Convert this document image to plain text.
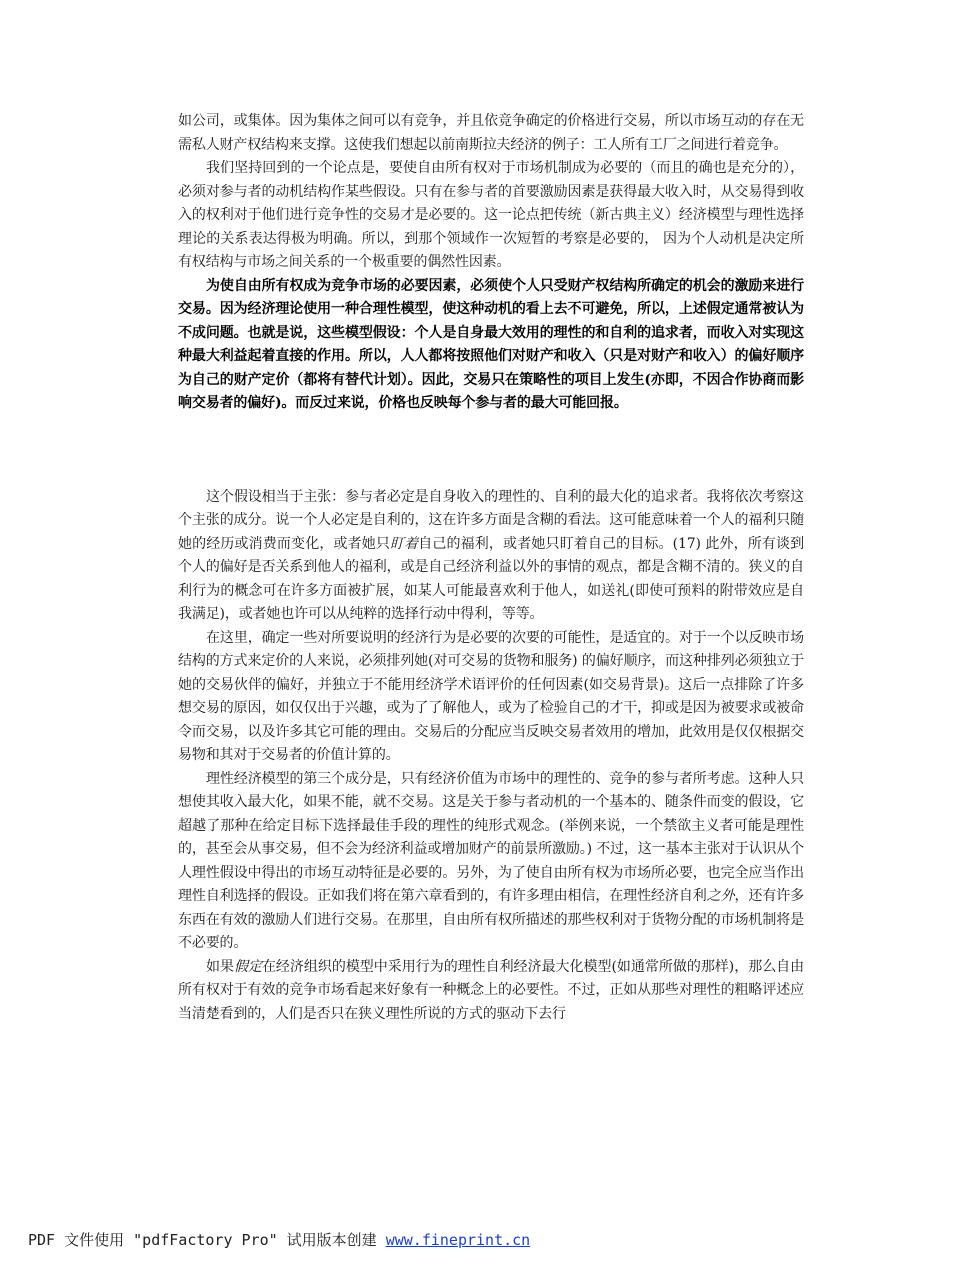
如公司，或集体。因为集体之间可以有竞争，并且依竞争确定的价格进行交易，所以市场互动的存在无需私人财产权结构来支撑。这使我们想起以前南斯拉夫经济的例子：工人所有工厂之间进行着竞争。

我们坚持回到的一个论点是，要使自由所有权对于市场机制成为必要的（而且的确也是充分的），必须对参与者的动机结构作某些假设。只有在参与者的首要激励因素是获得最大收入时，从交易得到收入的权利对于他们进行竞争性的交易才是必要的。这一论点把传统（新古典主义）经济模型与理性选择理论的关系表达得极为明确。所以，到那个领域作一次短暂的考察是必要的， 因为个人动机是决定所有权结构与市场之间关系的一个极重要的偶然性因素。

为使自由所有权成为竞争市场的必要因素，必须使个人只受财产权结构所确定的机会的激励来进行交易。因为经济理论使用一种合理性模型，使这种动机的看上去不可避免，所以，上述假定通常被认为不成问题。也就是说，这些模型假设：个人是自身最大效用的理性的和自利的追求者，而收入对实现这种最大利益起着直接的作用。所以，人人都将按照他们对财产和收入（只是对财产和收入）的偏好顺序为自己的财产定价（都将有替代计划）。因此，交易只在策略性的项目上发生(亦即，不因合作协商而影响交易者的偏好)。而反过来说，价格也反映每个参与者的最大可能回报。

这个假设相当于主张：参与者必定是自身收入的理性的、自利的最大化的追求者。我将依次考察这个主张的成分。说一个人必定是自利的，这在许多方面是含糊的看法。这可能意味着一个人的福利只随她的经历或消费而变化，或者她只盯着自己的福利，或者她只盯着自己的目标。(17) 此外，所有谈到个人的偏好是否关系到他人的福利，或是自己经济利益以外的事情的观点，都是含糊不清的。狭义的自利行为的概念可在许多方面被扩展，如某人可能最喜欢利于他人，如送礼(即使可预料的附带效应是自我满足)，或者她也许可以从纯粹的选择行动中得利，等等。

在这里，确定一些对所要说明的经济行为是必要的次要的可能性，是适宜的。对于一个以反映市场结构的方式来定价的人来说，必须排列她(对可交易的货物和服务) 的偏好顺序，而这种排列必须独立于她的交易伙伴的偏好，并独立于不能用经济学术语评价的任何因素(如交易背景)。这后一点排除了许多想交易的原因，如仅仅出于兴趣，或为了了解他人，或为了检验自己的才干，抑或是因为被要求或被命令而交易，以及许多其它可能的理由。交易后的分配应当反映交易者效用的增加，此效用是仅仅根据交易物和其对于交易者的价值计算的。

理性经济模型的第三个成分是，只有经济价值为市场中的理性的、竞争的参与者所考虑。这种人只想使其收入最大化，如果不能，就不交易。这是关于参与者动机的一个基本的、随条件而变的假设，它超越了那种在给定目标下选择最佳手段的理性的纯形式观念。(举例来说，一个禁欲主义者可能是理性的，甚至会从事交易，但不会为经济利益或增加财产的前景所激励。) 不过，这一基本主张对于认识从个人理性假设中得出的市场互动特征是必要的。另外，为了使自由所有权为市场所必要，也完全应当作出理性自利选择的假设。正如我们将在第六章看到的，有许多理由相信，在理性经济自利之外，还有许多东西在有效的激励人们进行交易。在那里，自由所有权所描述的那些权利对于货物分配的市场机制将是不必要的。

如果假定在经济组织的模型中采用行为的理性自利经济最大化模型(如通常所做的那样)，那么自由所有权对于有效的竞争市场看起来好象有一种概念上的必要性。不过，正如从那些对理性的粗略评述应当清楚看到的，人们是否只在狭义理性所说的方式的驱动下去行

PDF 文件使用 "pdfFactory Pro" 试用版本创建 www.fineprint.cn
